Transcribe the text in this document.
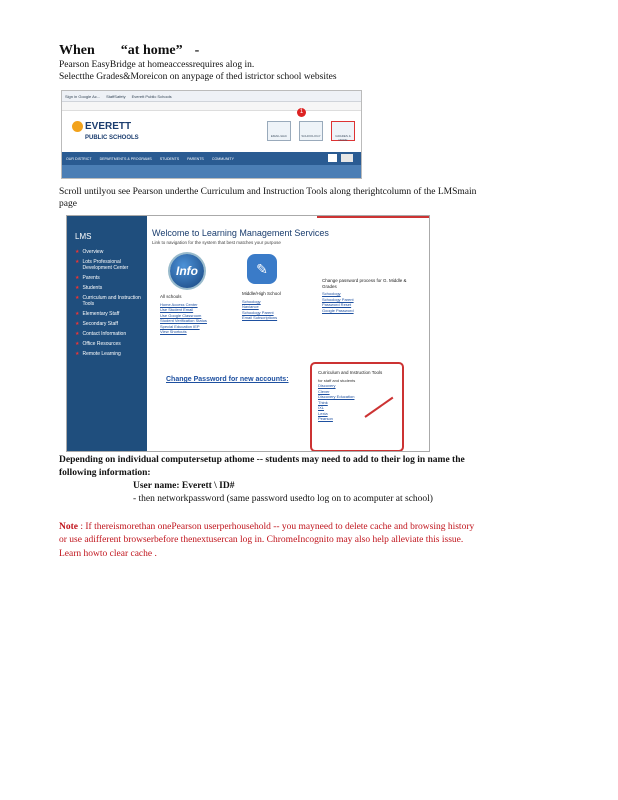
When “at home” -
Pearson EasyBridge at homeaccessrequires alog in.
Selectthe Grades&Moreicon on anypage of thed istrictor school websites
Sign in Google Ac... StaffSafety Everett Public Schools
EVERETT
PUBLIC SCHOOLS
1
EMAIL/HAC	SCHOOLOGY	GRADES & MORE
OUR DISTRICT DEPARTMENTS & PROGRAMS STUDENTS PARENTS COMMUNITY
Scroll untilyou see Pearson underthe Curriculum and Instruction Tools along therightcolumn of the LMSmain
page
LMS
★ Overview
★ Lots Professional Development Center
★ Parents
★ Students
★ Curriculum and Instruction Tools
★ Elementary Staff
★ Secondary Staff
★ Contact Information
★ Office Resources
★ Remote Learning
Welcome to Learning Management Services
Link to navigation for the system that best matches your purpose
Info	✎
All schools
Home Access Center
Use Student Email
Use Google Classroom
Student Verification Status
Special Education IEP
View Shortcuts
Middle/High School
Schoology
Naviance
Schoology Parent
Email Subscriptions
Change password process for G. Middle & Grades
Schoology
Schoology Parent
Password Reset
Google Password
Change Password for new accounts:
Curriculum and Instruction Tools
for staff and students
Discovery
Clever
Discovery Education
Think
IXL
Lexia
Pearson
Depending on individual computersetup athome -- students may need to add to their log in name the
following information:
User name: Everett \ ID#
- then networkpassword (same password usedto log on to acomputer at school)
Note : If thereismorethan onePearson userperhousehold -- you mayneed to delete cache and browsing history
or use adifferent browserbefore thenextusercan log in. ChromeIncognito may also help alleviate this issue.
Learn howto clear cache .
